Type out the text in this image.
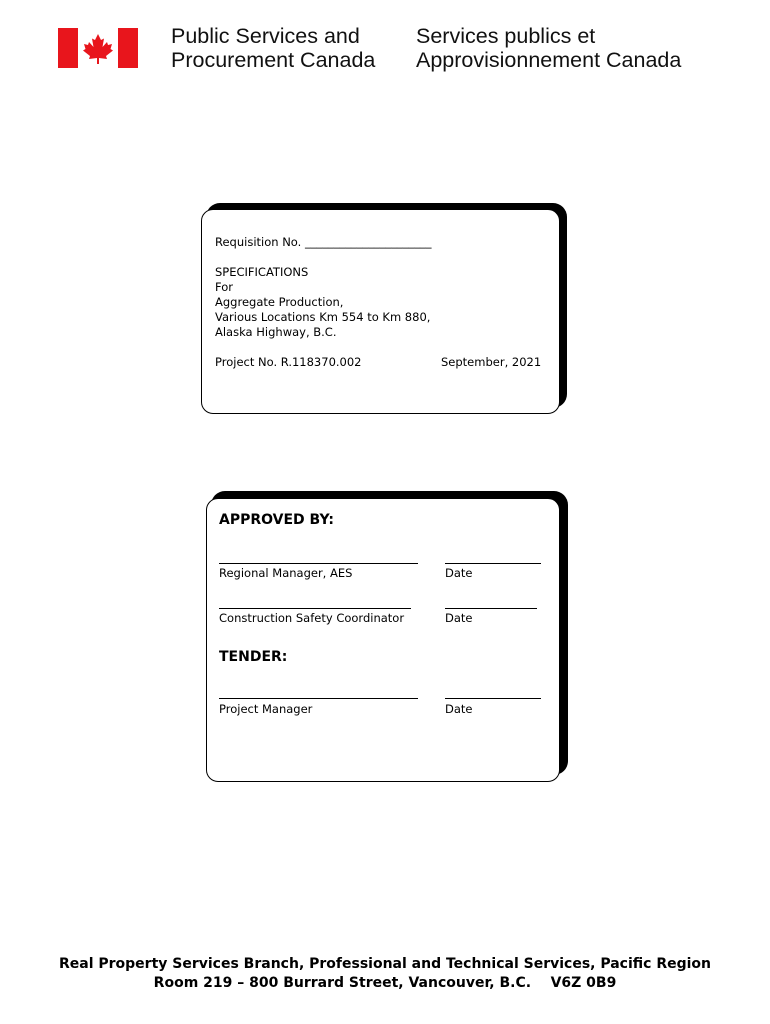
Public Services and
Procurement Canada
Services publics et
Approvisionnement Canada
Requisition No. ______________________
SPECIFICATIONS
For
Aggregate Production,
Various Locations Km 554 to Km 880,
Alaska Highway, B.C.
Project No. R.118370.002	September, 2021
APPROVED BY:
Regional Manager, AES	Date
Construction Safety Coordinator	Date
TENDER:
Project Manager	Date
Real Property Services Branch, Professional and Technical Services, Pacific Region
Room 219 – 800 Burrard Street, Vancouver, B.C.    V6Z 0B9
